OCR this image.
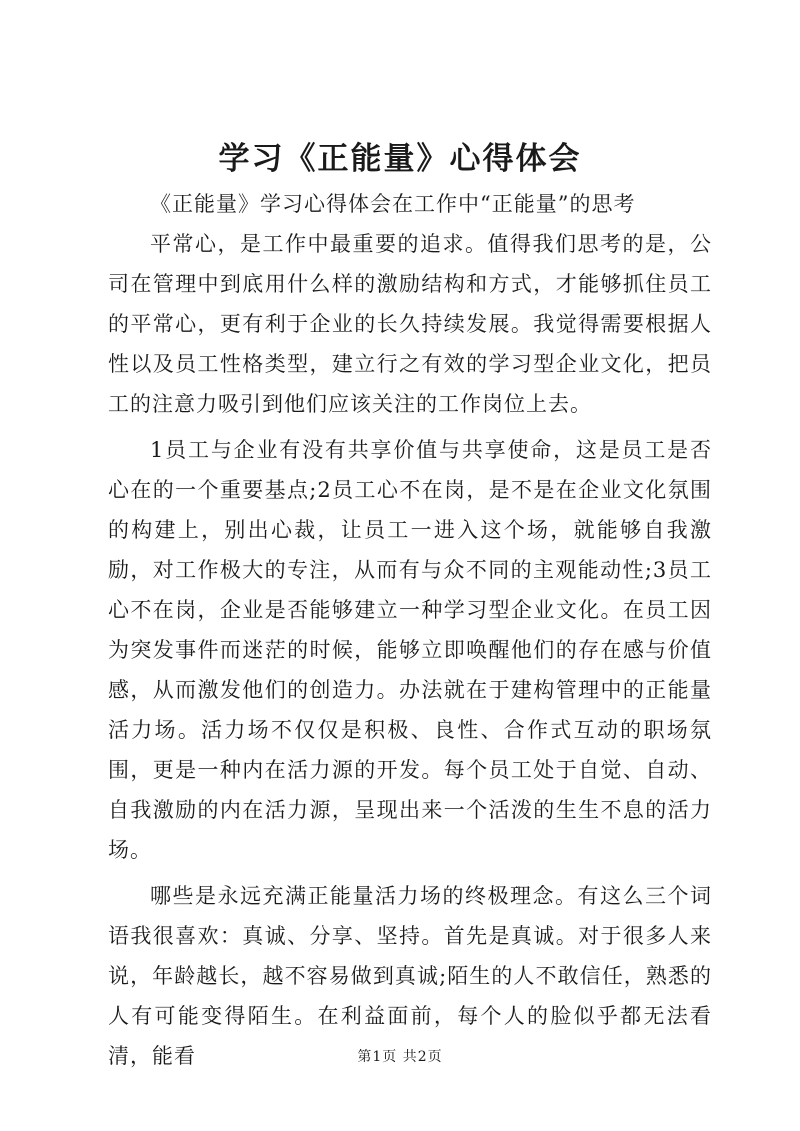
学习《正能量》心得体会

《正能量》学习心得体会在工作中“正能量”的思考

平常心，是工作中最重要的追求。值得我们思考的是，公司在管理中到底用什么样的激励结构和方式，才能够抓住员工的平常心，更有利于企业的长久持续发展。我觉得需要根据人性以及员工性格类型，建立行之有效的学习型企业文化，把员工的注意力吸引到他们应该关注的工作岗位上去。

1员工与企业有没有共享价值与共享使命，这是员工是否心在的一个重要基点;2员工心不在岗，是不是在企业文化氛围的构建上，别出心裁，让员工一进入这个场，就能够自我激励，对工作极大的专注，从而有与众不同的主观能动性;3员工心不在岗，企业是否能够建立一种学习型企业文化。在员工因为突发事件而迷茫的时候，能够立即唤醒他们的存在感与价值感，从而激发他们的创造力。办法就在于建构管理中的正能量活力场。活力场不仅仅是积极、良性、合作式互动的职场氛围，更是一种内在活力源的开发。每个员工处于自觉、自动、自我激励的内在活力源，呈现出来一个活泼的生生不息的活力场。

哪些是永远充满正能量活力场的终极理念。有这么三个词语我很喜欢：真诚、分享、坚持。首先是真诚。对于很多人来说，年龄越长，越不容易做到真诚;陌生的人不敢信任，熟悉的人有可能变得陌生。在利益面前，每个人的脸似乎都无法看清，能看	第1页 共2页
